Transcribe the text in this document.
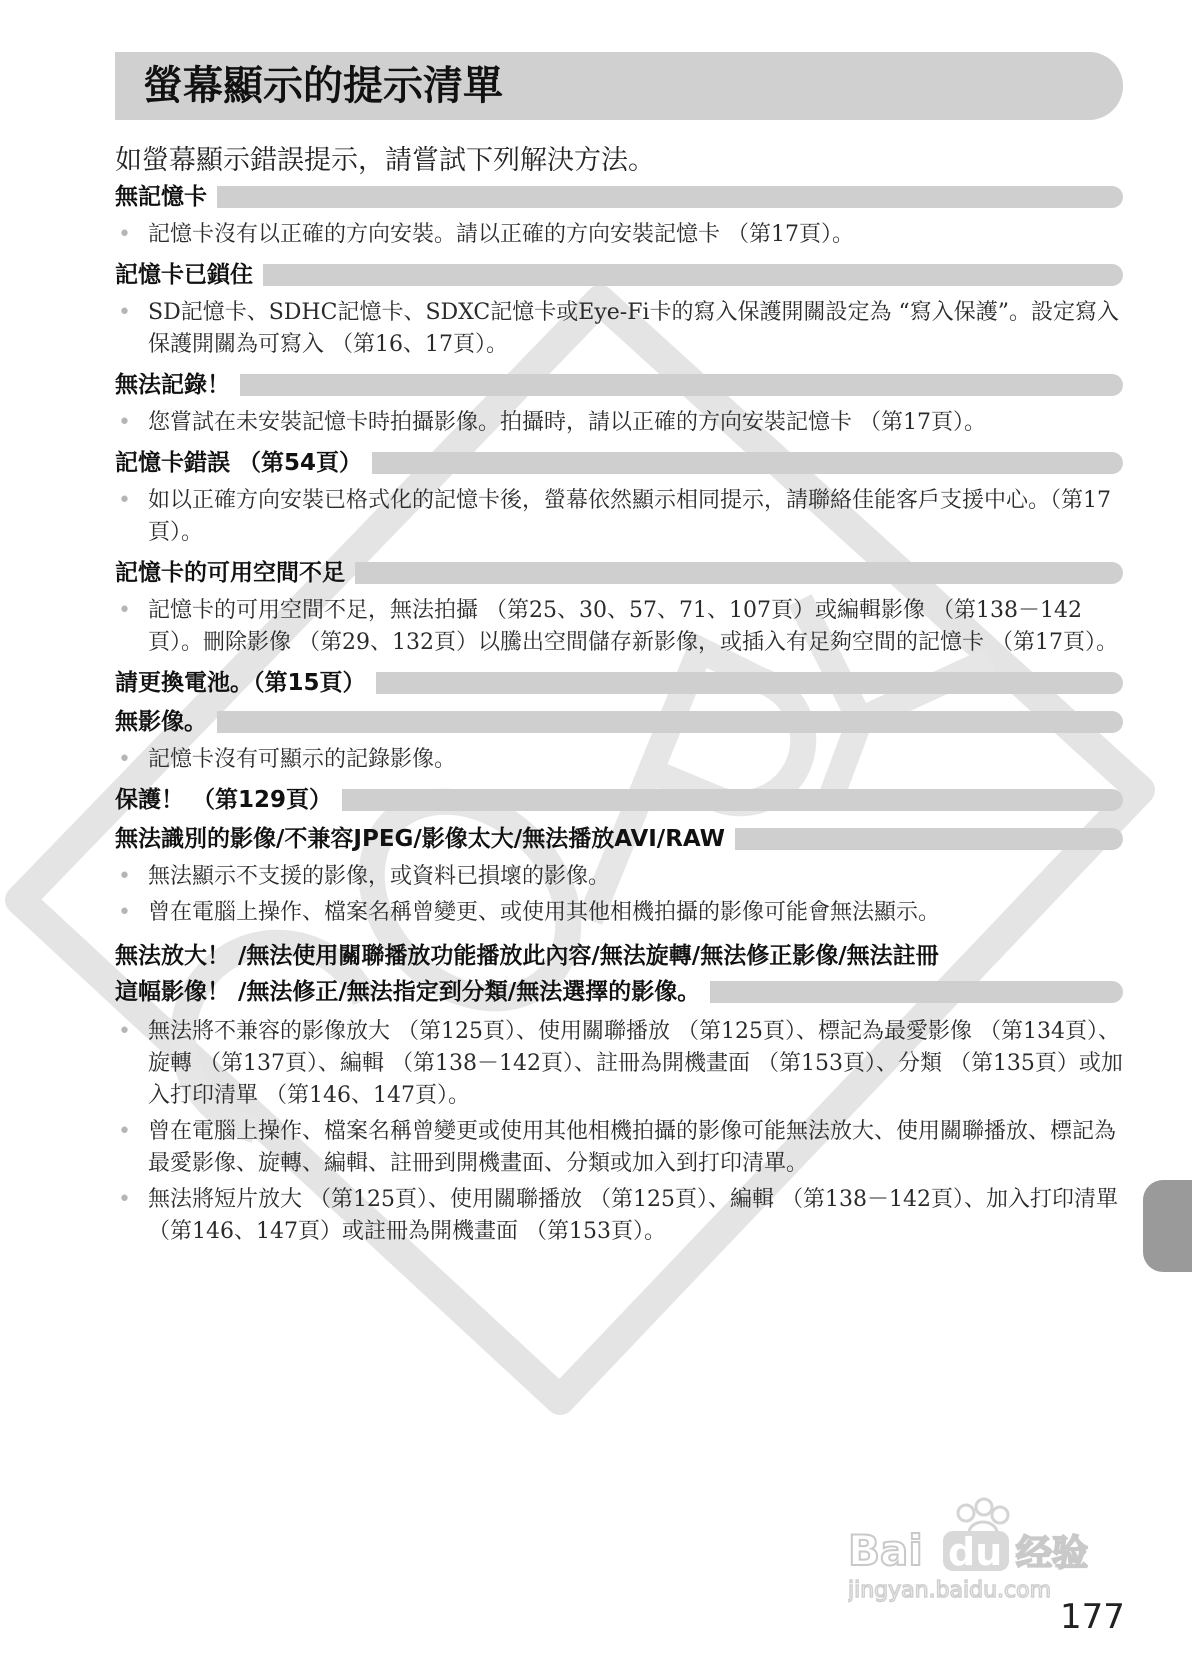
螢幕顯示的提示清單

如螢幕顯示錯誤提示，請嘗試下列解決方法。

無記憶卡
• 記憶卡沒有以正確的方向安裝。請以正確的方向安裝記憶卡 （第17頁）。
記憶卡已鎖住
• SD記憶卡、SDHC記憶卡、SDXC記憶卡或Eye-Fi卡的寫入保護開關設定為 “寫入保護”。設定寫入保護開關為可寫入 （第16、17頁）。
無法記錄！
• 您嘗試在未安裝記憶卡時拍攝影像。拍攝時，請以正確的方向安裝記憶卡 （第17頁）。
記憶卡錯誤 （第54頁）
• 如以正確方向安裝已格式化的記憶卡後，螢幕依然顯示相同提示，請聯絡佳能客戶支援中心。（第17頁）。
記憶卡的可用空間不足
• 記憶卡的可用空間不足，無法拍攝 （第25、30、57、71、107頁）或編輯影像 （第138－142頁）。刪除影像 （第29、132頁）以騰出空間儲存新影像，或插入有足夠空間的記憶卡 （第17頁）。
請更換電池。（第15頁）
無影像。
• 記憶卡沒有可顯示的記錄影像。
保護！ （第129頁）
無法識別的影像/不兼容JPEG/影像太大/無法播放AVI/RAW
• 無法顯示不支援的影像，或資料已損壞的影像。
• 曾在電腦上操作、檔案名稱曾變更、或使用其他相機拍攝的影像可能會無法顯示。
無法放大！ /無法使用關聯播放功能播放此內容/無法旋轉/無法修正影像/無法註冊
這幅影像！ /無法修正/無法指定到分類/無法選擇的影像。
• 無法將不兼容的影像放大 （第125頁）、使用關聯播放 （第125頁）、標記為最愛影像 （第134頁）、旋轉 （第137頁）、編輯 （第138－142頁）、註冊為開機畫面 （第153頁）、分類 （第135頁）或加入打印清單 （第146、147頁）。
• 曾在電腦上操作、檔案名稱曾變更或使用其他相機拍攝的影像可能無法放大、使用關聯播放、標記為最愛影像、旋轉、編輯、註冊到開機畫面、分類或加入到打印清單。
• 無法將短片放大 （第125頁）、使用關聯播放 （第125頁）、編輯 （第138－142頁）、加入打印清單 （第146、147頁）或註冊為開機畫面 （第153頁）。
Bai du 经验
jingyan.baidu.com

177
